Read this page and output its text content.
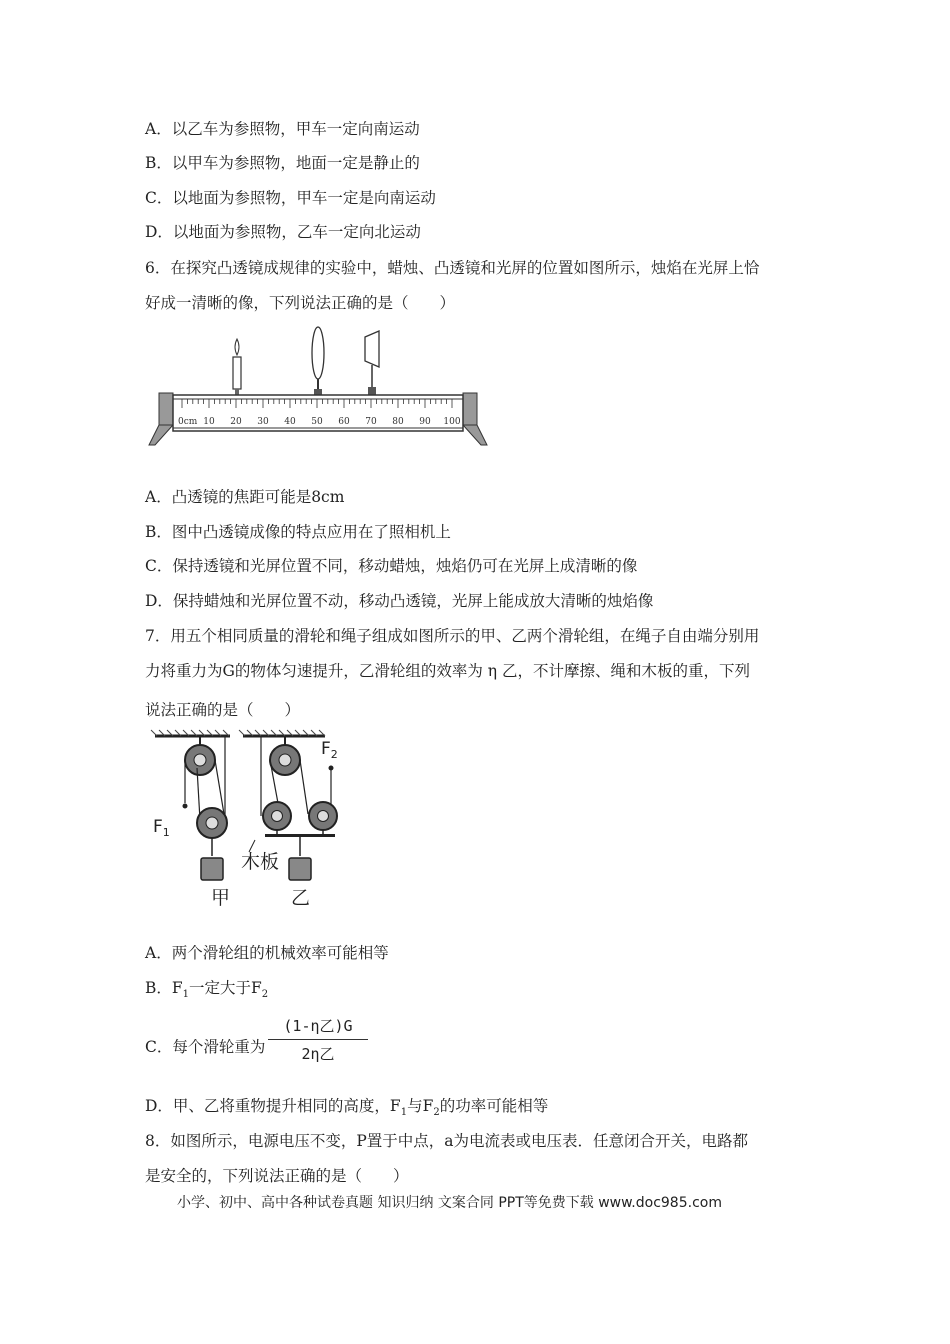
A．以乙车为参照物，甲车一定向南运动
B．以甲车为参照物，地面一定是静止的
C．以地面为参照物，甲车一定是向南运动
D．以地面为参照物，乙车一定向北运动
6．在探究凸透镜成规律的实验中，蜡烛、凸透镜和光屏的位置如图所示，烛焰在光屏上恰
好成一清晰的像，下列说法正确的是（　　）
0cm 10 20 30 40 50 60 70 80 90 100
A．凸透镜的焦距可能是8cm
B．图中凸透镜成像的特点应用在了照相机上
C．保持透镜和光屏位置不同，移动蜡烛，烛焰仍可在光屏上成清晰的像
D．保持蜡烛和光屏位置不动，移动凸透镜，光屏上能成放大清晰的烛焰像
7．用五个相同质量的滑轮和绳子组成如图所示的甲、乙两个滑轮组，在绳子自由端分别用
力将重力为G的物体匀速提升，乙滑轮组的效率为 η 乙，不计摩擦、绳和木板的重，下列
说法正确的是（　　）
$F_1$
$F_2$
木板
甲	乙
A．两个滑轮组的机械效率可能相等
B．$F_1$一定大于$F_2$
C．每个滑轮重为
(1-η乙)G
2η乙
D．甲、乙将重物提升相同的高度，$F_1$与$F_2$的功率可能相等
8．如图所示，电源电压不变，P置于中点，a为电流表或电压表．任意闭合开关，电路都
是安全的，下列说法正确的是（　　）
小学、初中、高中各种试卷真题 知识归纳 文案合同 PPT等免费下载 www.doc985.com
